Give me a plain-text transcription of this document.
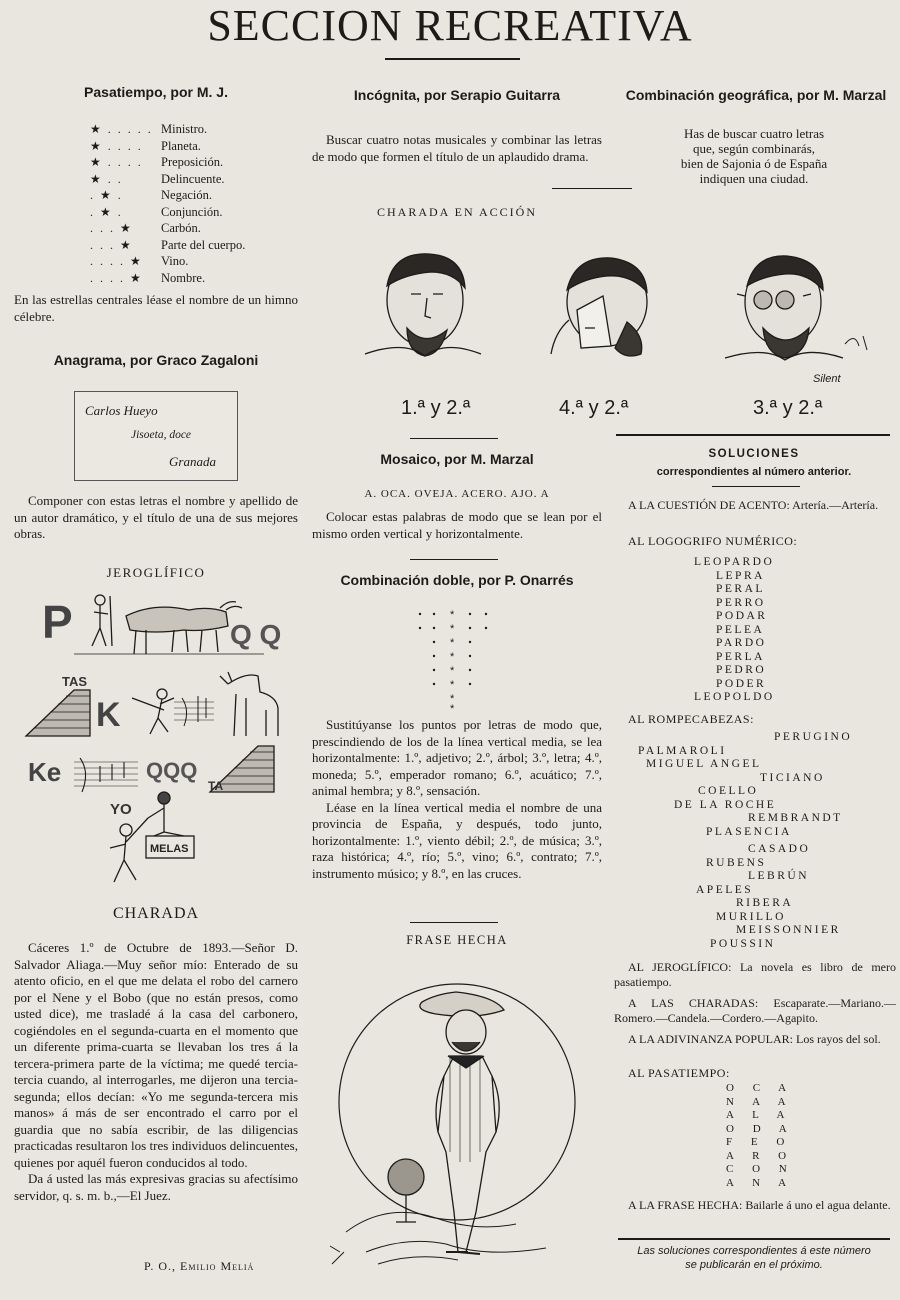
SECCION RECREATIVA
Pasatiempo, por M. J.
★ . . . . . Ministro.
★ . . . . Planeta.
★ . . . . Preposición.
★ . .	Delincuente.
. ★ .	Negación.
. ★ .	Conjunción.
. . . ★ Carbón.
. . . ★ Parte del cuerpo.
. . . . ★ Vino.
. . . . ★ Nombre.
En las estrellas centrales léase el nombre de un himno célebre.
Anagrama, por Graco Zagaloni
Carlos Hueyo
Jisoeta, doce
Granada

Componer con estas letras el nombre y apellido de un autor dramático, y el título de una de sus mejores obras.

JEROGLÍFICO
P	Q Q
TAS
K
Ke	QQQ
TA
YO
MELAS
CHARADA

Cáceres 1.º de Octubre de 1893.—Señor D. Salvador Aliaga.—Muy señor mío: Enterado de su atento oficio, en el que me delata el robo del carnero por el Nene y el Bobo (que no están presos, como usted dice), me trasladé á la casa del carbonero, cogiéndoles en el segunda-cuarta en el momento que un diferente prima-cuarta se llevaban los tres á la tercera-primera parte de la víctima; me quedé tercia-tercia cuando, al interrogarles, me dijeron una tercia-segunda; ellos decían: «Yo me segunda-tercera mis manos» á más de ser encontrado el carro por el guardia que no sabía escribir, de las diligencias practicadas resultaron los tres individuos delincuentes, quienes por aquél fueron conducidos al todo.

Da á usted las más expresivas gracias su afectísimo servidor, q. s. m. b.,—El Juez.

P. O., Emilio Meliá
Incógnita, por Serapio Guitarra

Buscar cuatro notas musicales y combinar las letras de modo que formen el título de un aplaudido drama.

Combinación geográfica, por M. Marzal
Has de buscar cuatro letras
que, según combinarás,
bien de Sajonia ó de España
indiquen una ciudad.
CHARADA EN ACCIÓN
1.ª y 2.ª	4.ª y 2.ª	3.ª y 2.ª
Silent
Mosaico, por M. Marzal
A. OCA. OVEJA. ACERO. AJO. A

Colocar estas palabras de modo que se lean por el mismo orden vertical y horizontalmente.

Combinación doble, por P. Onarrés
*
*
*
*
*
*
*
*

Sustitúyanse los puntos por letras de modo que, prescindiendo de los de la línea vertical media, se lea horizontalmente: 1.º, adjetivo; 2.º, árbol; 3.º, letra; 4.º, moneda; 5.º, emperador romano; 6.º, acuático; 7.º, animal hembra; y 8.º, sensación.

Léase en la línea vertical media el nombre de una provincia de España, y después, todo junto, horizontalmente: 1.º, viento débil; 2.º, de música; 3.º, raza histórica; 4.º, río; 5.º, vino; 6.º, contrato; 7.º, instrumento músico; y 8.º, en las cruces.

FRASE HECHA
SOLUCIONES
correspondientes al número anterior.

A LA CUESTIÓN DE ACENTO: Artería.—Artería.

AL LOGOGRIFO NUMÉRICO:
LEOPARDO
LEPRA
PERAL
PERRO
PODAR
PELEA
PARDO
PERLA
PEDRO
PODER
LEOPOLDO
AL ROMPECABEZAS:
PERUGINO
PALMAROLI
MIGUEL ANGEL
TICIANO
COELLO
DE LA ROCHE
REMBRANDT
PLASENCIA
CASADO
RUBENS
LEBRÚN
APELES
RIBERA
MURILLO
MEISSONNIER
POUSSIN

AL JEROGLÍFICO: La novela es libro de mero pasatiempo.

A LAS CHARADAS: Escaparate.—Mariano.—Romero.—Candela.—Cordero.—Agapito.

A LA ADIVINANZA POPULAR: Los rayos del sol.

AL PASATIEMPO:
O C A
N A A
A L A
O D A
F E O
A R O
C O N
A N A

A LA FRASE HECHA: Bailarle á uno el agua delante.

Las soluciones correspondientes á este número
se publicarán en el próximo.
